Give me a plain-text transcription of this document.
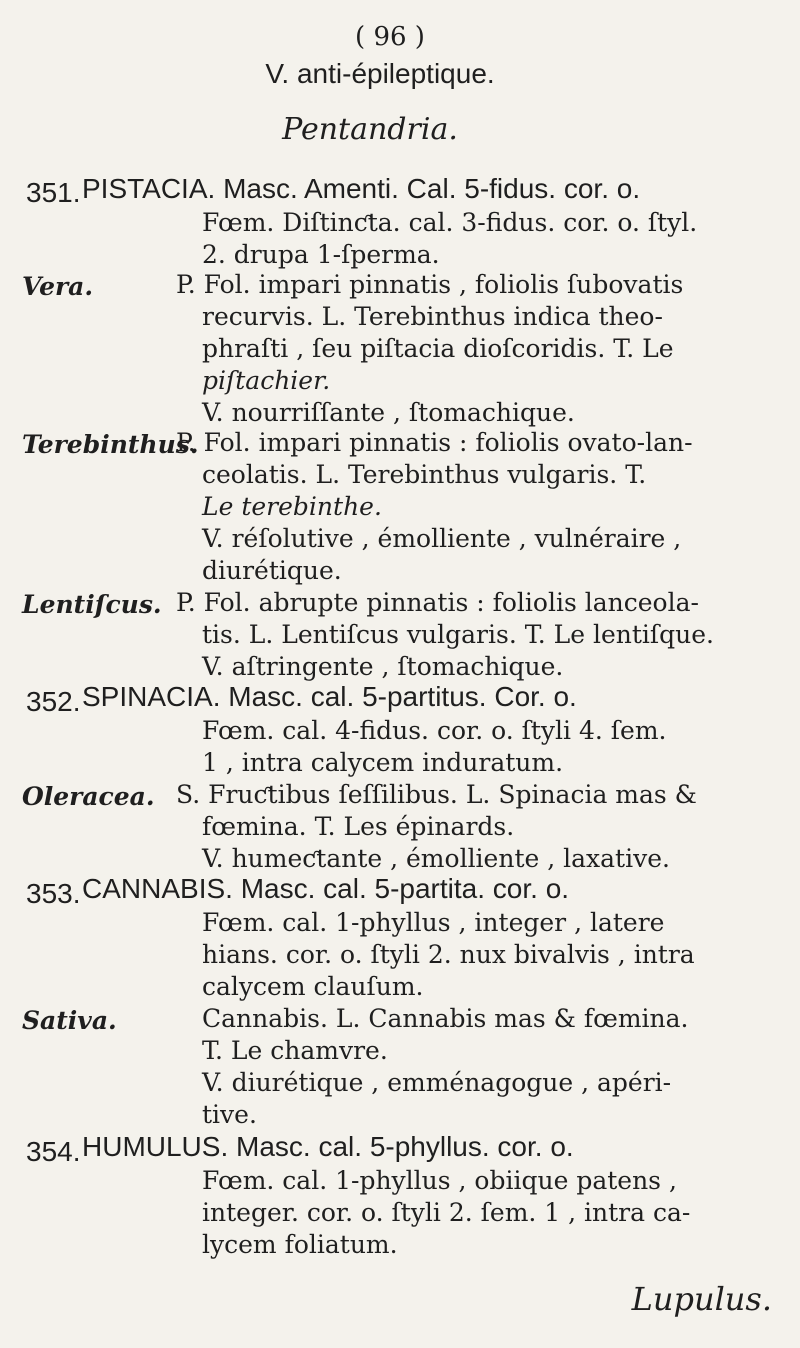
( 96 )
V. anti-épileptique.
Pentandria.
351. PISTACIA. Masc. Amenti. Cal. 5-fidus. cor. o.
Fœm. Diſtinƈta. cal. 3-fidus. cor. o. ſtyl.
2. drupa 1-ſperma.
Vera.	P. Fol. impari pinnatis , foliolis ſubovatis
recurvis. L. Terebinthus indica theo-
phraſti , ſeu piſtacia dioſcoridis. T. Le
piſtachier.
V. nourriſſante , ſtomachique.
Terebinthus.
P. Fol. impari pinnatis : foliolis ovato-lan-
ceolatis. L. Terebinthus vulgaris. T.
Le terebinthe.
V. réſolutive , émolliente , vulnéraire ,
diurétique.
Lentiſcus. P. Fol. abrupte pinnatis : foliolis lanceola-
tis. L. Lentiſcus vulgaris. T. Le lentiſque.
V. aſtringente , ſtomachique.
352. SPINACIA. Masc. cal. 5-partitus. Cor. o.
Fœm. cal. 4-fidus. cor. o. ſtyli 4. ſem.
1 , intra calycem induratum.
Oleracea. S. Fruƈtibus ſeſſilibus. L. Spinacia mas &
fœmina. T. Les épinards.
V. humeƈtante , émolliente , laxative.
353. CANNABIS. Masc. cal. 5-partita. cor. o.
Fœm. cal. 1-phyllus , integer , latere
hians. cor. o. ſtyli 2. nux bivalvis , intra
calycem clauſum.
Sativa.	Cannabis. L. Cannabis mas & fœmina.
T. Le chamvre.
V. diurétique , emménagogue , apéri-
tive.
354. HUMULUS. Masc. cal. 5-phyllus. cor. o.
Fœm. cal. 1-phyllus , obiique patens ,
integer. cor. o. ſtyli 2. ſem. 1 , intra ca-
lycem foliatum.
Lupulus.
